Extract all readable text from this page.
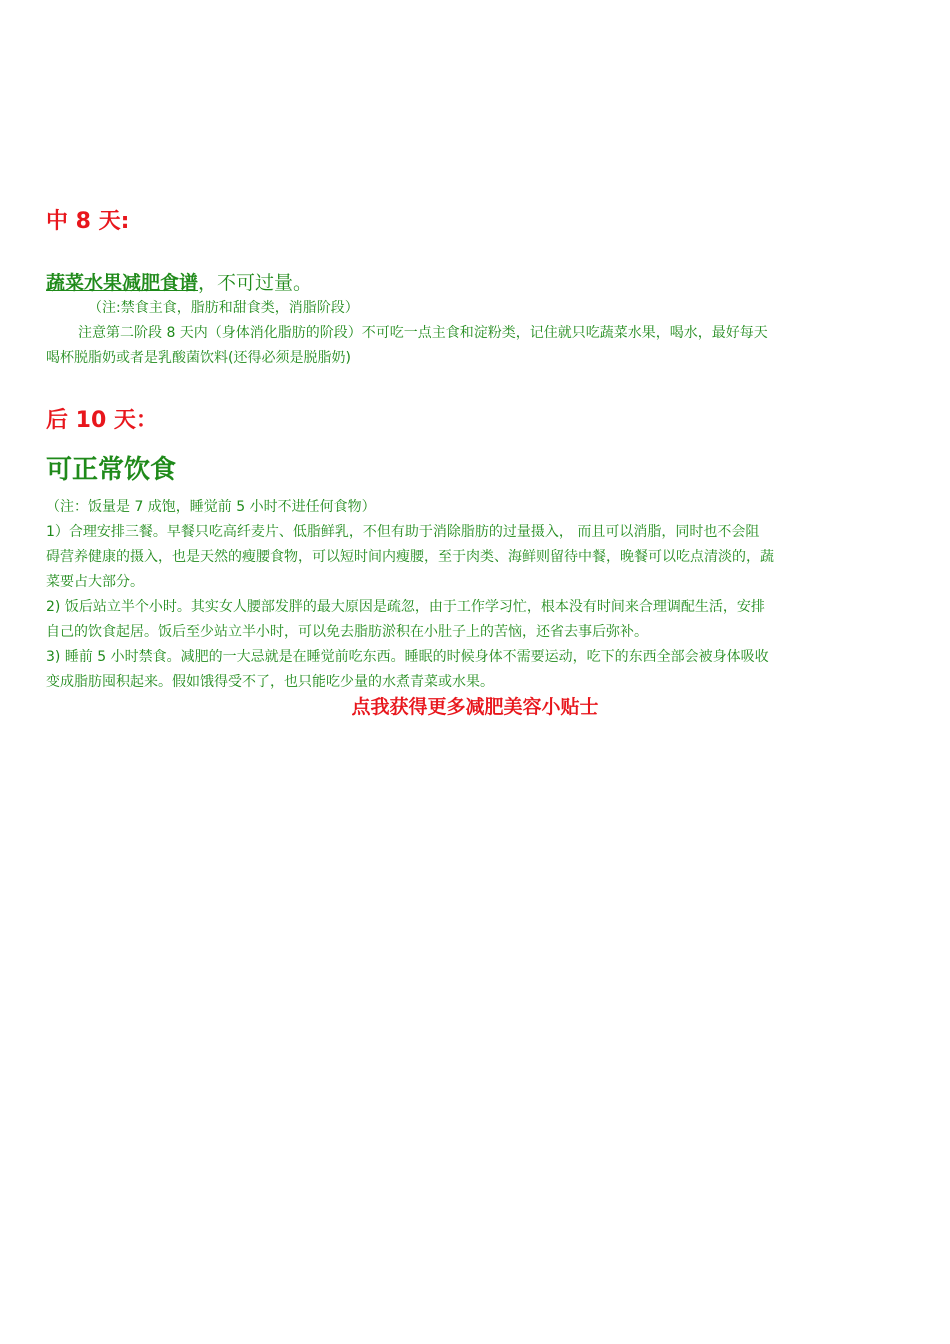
中 8 天:
蔬菜水果减肥食谱，不可过量。
（注:禁食主食，脂肪和甜食类，消脂阶段）
注意第二阶段 8 天内（身体消化脂肪的阶段）不可吃一点主食和淀粉类，记住就只吃蔬菜水果，喝水，最好每天
喝杯脱脂奶或者是乳酸菌饮料(还得必须是脱脂奶)
后 10 天：
可正常饮食
（注：饭量是 7 成饱，睡觉前 5 小时不进任何食物）
1）合理安排三餐。早餐只吃高纤麦片、低脂鲜乳，不但有助于消除脂肪的过量摄入， 而且可以消脂，同时也不会阻
碍营养健康的摄入，也是天然的瘦腰食物，可以短时间内瘦腰，至于肉类、海鲜则留待中餐，晚餐可以吃点清淡的，蔬
菜要占大部分。
2) 饭后站立半个小时。其实女人腰部发胖的最大原因是疏忽，由于工作学习忙，根本没有时间来合理调配生活，安排
自己的饮食起居。饭后至少站立半小时，可以免去脂肪淤积在小肚子上的苦恼，还省去事后弥补。
3) 睡前 5 小时禁食。减肥的一大忌就是在睡觉前吃东西。睡眠的时候身体不需要运动，吃下的东西全部会被身体吸收
变成脂肪囤积起来。假如饿得受不了，也只能吃少量的水煮青菜或水果。
点我获得更多减肥美容小贴士
